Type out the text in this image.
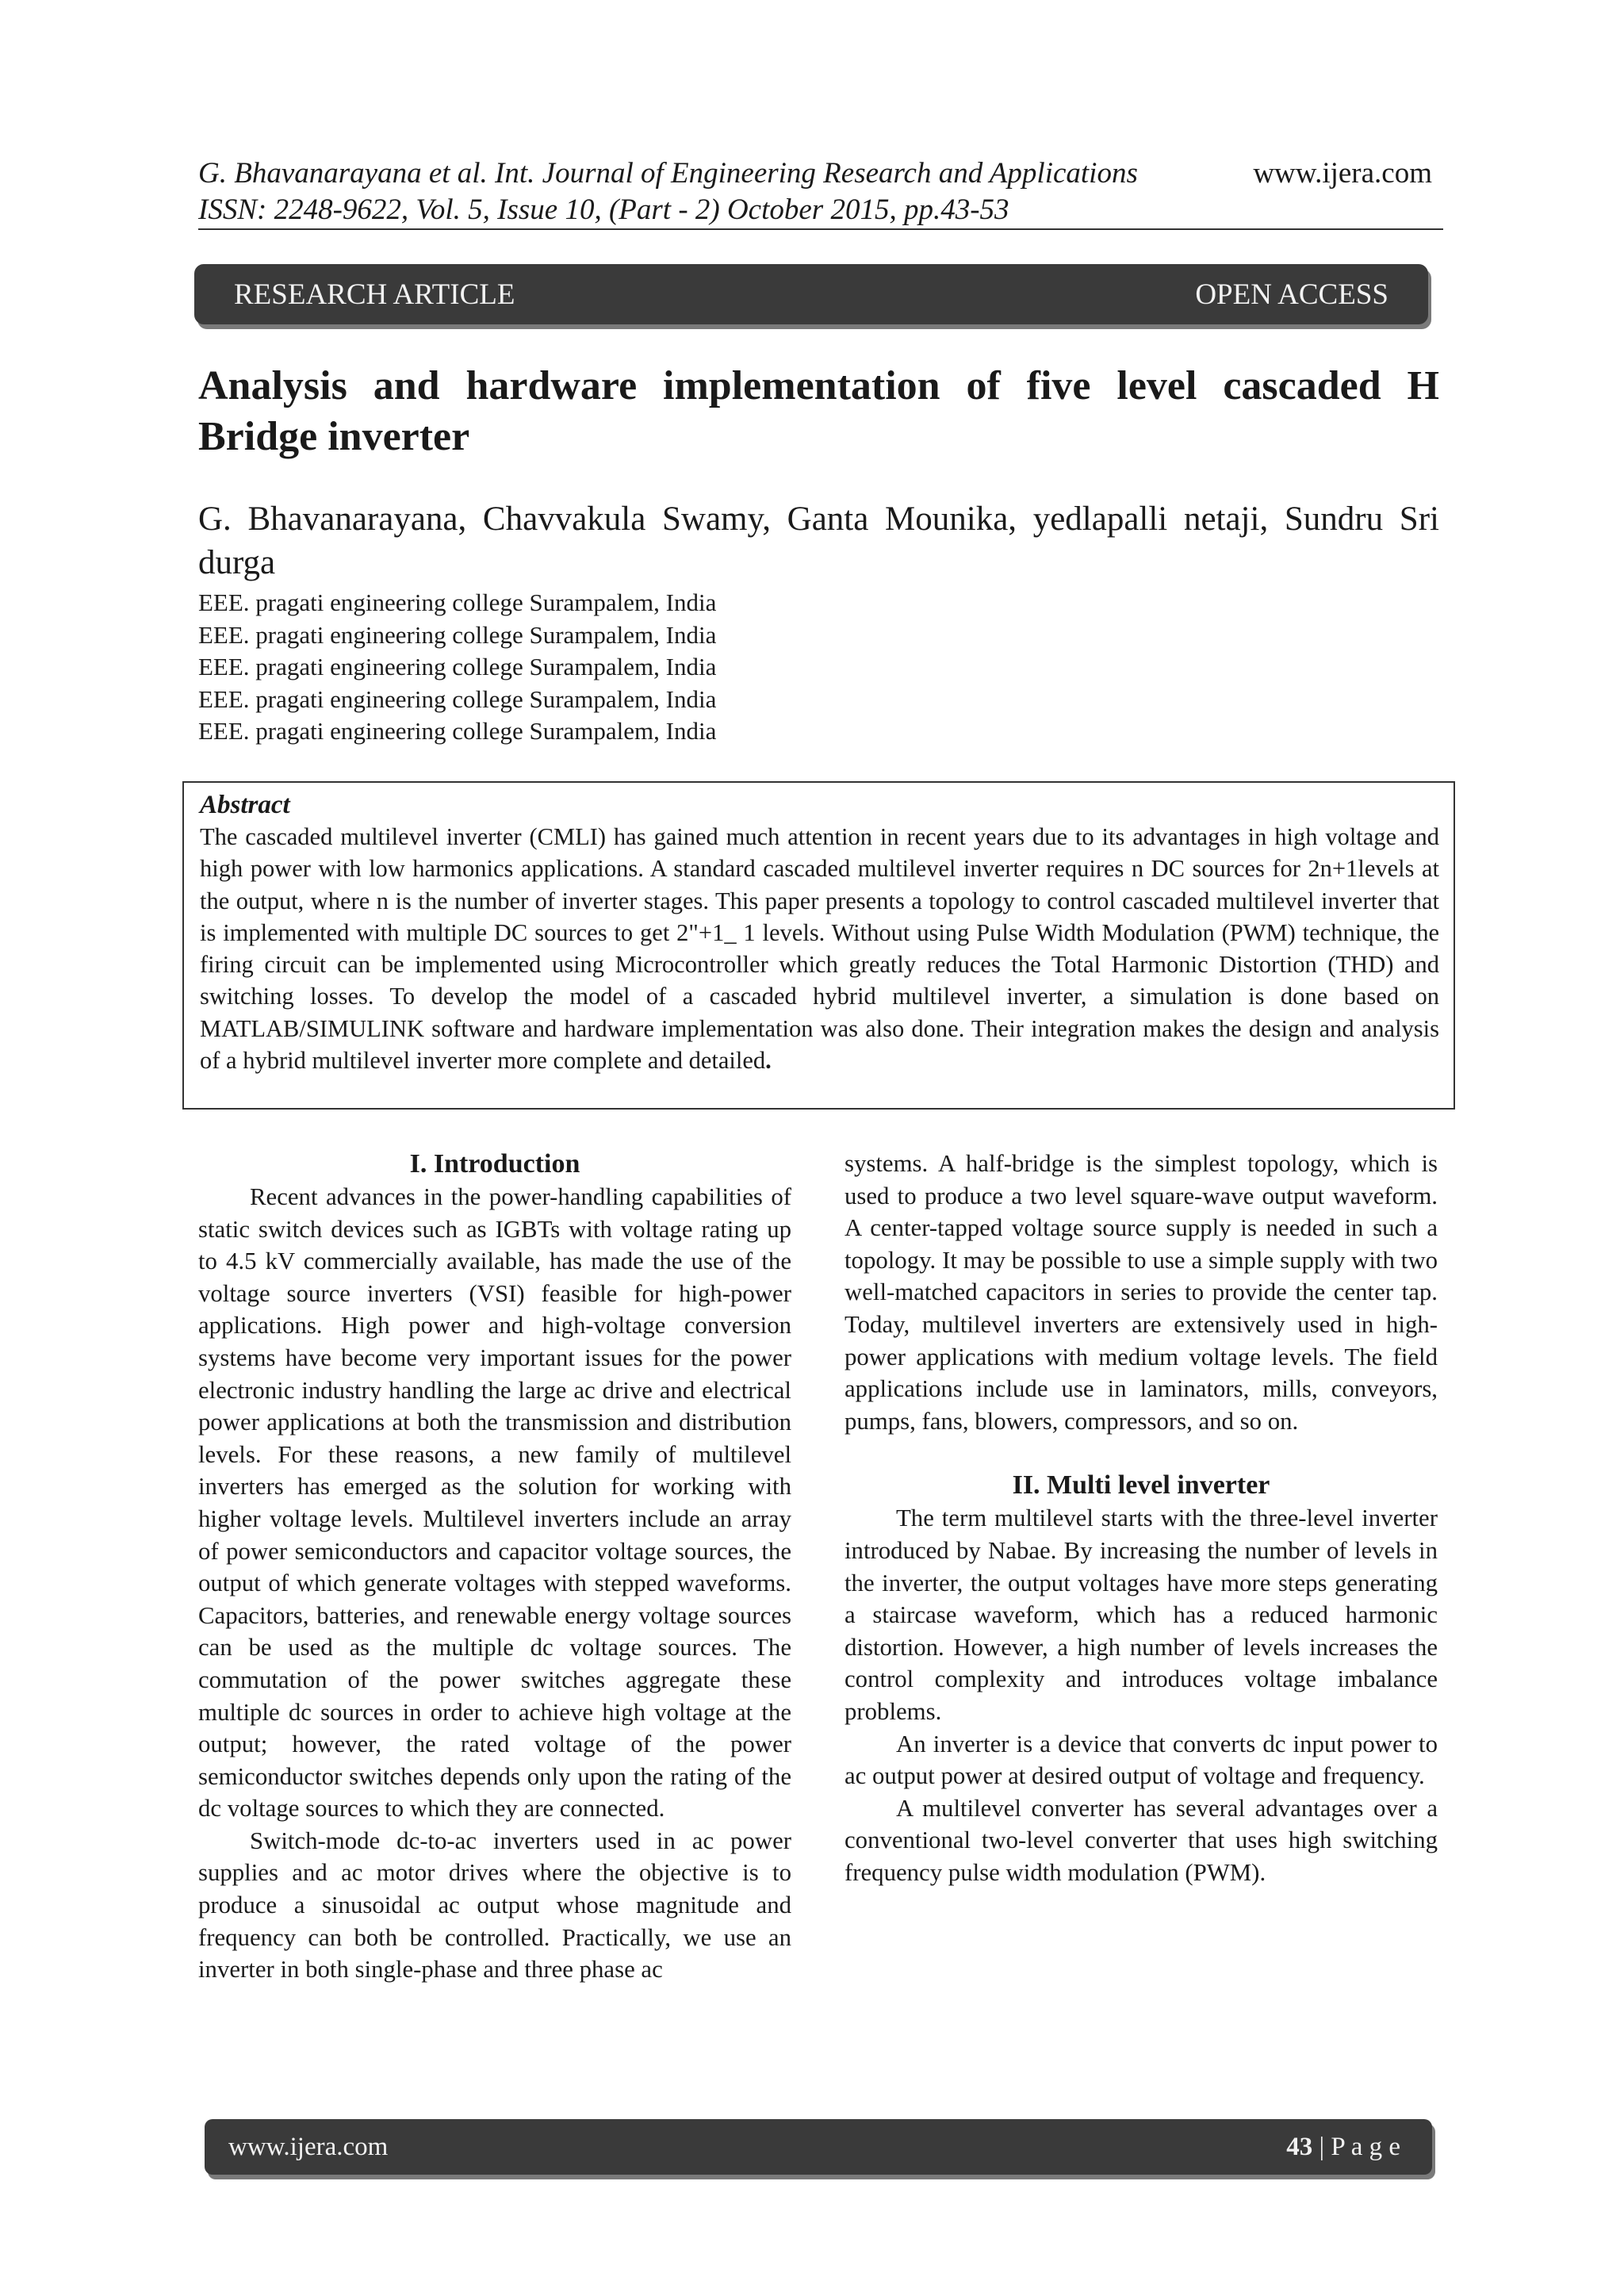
G. Bhavanarayana et al. Int. Journal of Engineering Research and Applications	www.ijera.com
ISSN: 2248-9622, Vol. 5, Issue 10, (Part - 2) October 2015, pp.43-53
RESEARCH ARTICLE	OPEN ACCESS
Analysis and hardware implementation of five level cascaded H Bridge inverter
G. Bhavanarayana, Chavvakula Swamy, Ganta Mounika, yedlapalli netaji, Sundru Sri durga
EEE. pragati engineering college Surampalem, India
EEE. pragati engineering college Surampalem, India
EEE. pragati engineering college Surampalem, India
EEE. pragati engineering college Surampalem, India
EEE. pragati engineering college Surampalem, India
Abstract
The cascaded multilevel inverter (CMLI) has gained much attention in recent years due to its advantages in high voltage and high power with low harmonics applications. A standard cascaded multilevel inverter requires n DC sources for 2n+1levels at the output, where n is the number of inverter stages. This paper presents a topology to control cascaded multilevel inverter that is implemented with multiple DC sources to get 2"+1_ 1 levels. Without using Pulse Width Modulation (PWM) technique, the firing circuit can be implemented using Microcontroller which greatly reduces the Total Harmonic Distortion (THD) and switching losses. To develop the model of a cascaded hybrid multilevel inverter, a simulation is done based on MATLAB/SIMULINK software and hardware implementation was also done. Their integration makes the design and analysis of a hybrid multilevel inverter more complete and detailed.
I. Introduction

Recent advances in the power-handling capabilities of static switch devices such as IGBTs with voltage rating up to 4.5 kV commercially available, has made the use of the voltage source inverters (VSI) feasible for high-power applications. High power and high-voltage conversion systems have become very important issues for the power electronic industry handling the large ac drive and electrical power applications at both the transmission and distribution levels. For these reasons, a new family of multilevel inverters has emerged as the solution for working with higher voltage levels. Multilevel inverters include an array of power semiconductors and capacitor voltage sources, the output of which generate voltages with stepped waveforms. Capacitors, batteries, and renewable energy voltage sources can be used as the multiple dc voltage sources. The commutation of the power switches aggregate these multiple dc sources in order to achieve high voltage at the output; however, the rated voltage of the power semiconductor switches depends only upon the rating of the dc voltage sources to which they are connected.

Switch-mode dc-to-ac inverters used in ac power supplies and ac motor drives where the objective is to produce a sinusoidal ac output whose magnitude and frequency can both be controlled. Practically, we use an inverter in both single-phase and three phase ac

systems. A half-bridge is the simplest topology, which is used to produce a two level square-wave output waveform. A center-tapped voltage source supply is needed in such a topology. It may be possible to use a simple supply with two well-matched capacitors in series to provide the center tap. Today, multilevel inverters are extensively used in high-power applications with medium voltage levels. The field applications include use in laminators, mills, conveyors, pumps, fans, blowers, compressors, and so on.

II. Multi level inverter

The term multilevel starts with the three-level inverter introduced by Nabae. By increasing the number of levels in the inverter, the output voltages have more steps generating a staircase waveform, which has a reduced harmonic distortion. However, a high number of levels increases the control complexity and introduces voltage imbalance problems.

An inverter is a device that converts dc input power to ac output power at desired output of voltage and frequency.

A multilevel converter has several advantages over a conventional two-level converter that uses high switching frequency pulse width modulation (PWM).

www.ijera.com	43 | P a g e
